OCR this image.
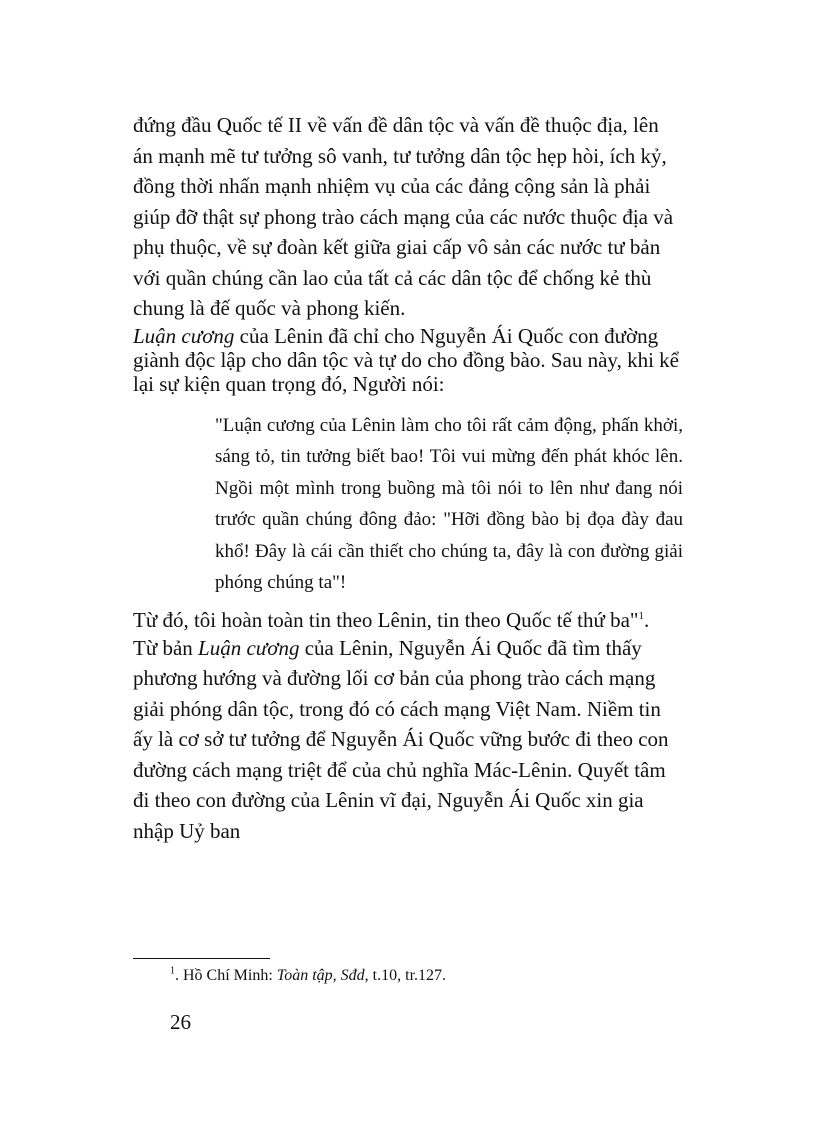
đứng đầu Quốc tế II về vấn đề dân tộc và vấn đề thuộc địa, lên án mạnh mẽ tư tưởng sô vanh, tư tưởng dân tộc hẹp hòi, ích kỷ, đồng thời nhấn mạnh nhiệm vụ của các đảng cộng sản là phải giúp đỡ thật sự phong trào cách mạng của các nước thuộc địa và phụ thuộc, về sự đoàn kết giữa giai cấp vô sản các nước tư bản với quần chúng cần lao của tất cả các dân tộc để chống kẻ thù chung là đế quốc và phong kiến.

Luận cương của Lênin đã chỉ cho Nguyễn Ái Quốc con đường giành độc lập cho dân tộc và tự do cho đồng bào. Sau này, khi kể lại sự kiện quan trọng đó, Người nói:

"Luận cương của Lênin làm cho tôi rất cảm động, phấn khởi, sáng tỏ, tin tưởng biết bao! Tôi vui mừng đến phát khóc lên. Ngồi một mình trong buồng mà tôi nói to lên như đang nói trước quần chúng đông đảo: "Hỡi đồng bào bị đọa đày đau khổ! Đây là cái cần thiết cho chúng ta, đây là con đường giải phóng chúng ta"!

Từ đó, tôi hoàn toàn tin theo Lênin, tin theo Quốc tế thứ ba"$^1$.

Từ bản Luận cương của Lênin, Nguyễn Ái Quốc đã tìm thấy phương hướng và đường lối cơ bản của phong trào cách mạng giải phóng dân tộc, trong đó có cách mạng Việt Nam. Niềm tin ấy là cơ sở tư tưởng để Nguyễn Ái Quốc vững bước đi theo con đường cách mạng triệt để của chủ nghĩa Mác-Lênin. Quyết tâm đi theo con đường của Lênin vĩ đại, Nguyễn Ái Quốc xin gia nhập Uỷ ban

$^1$. Hồ Chí Minh: Toàn tập, Sđd, t.10, tr.127.
26
